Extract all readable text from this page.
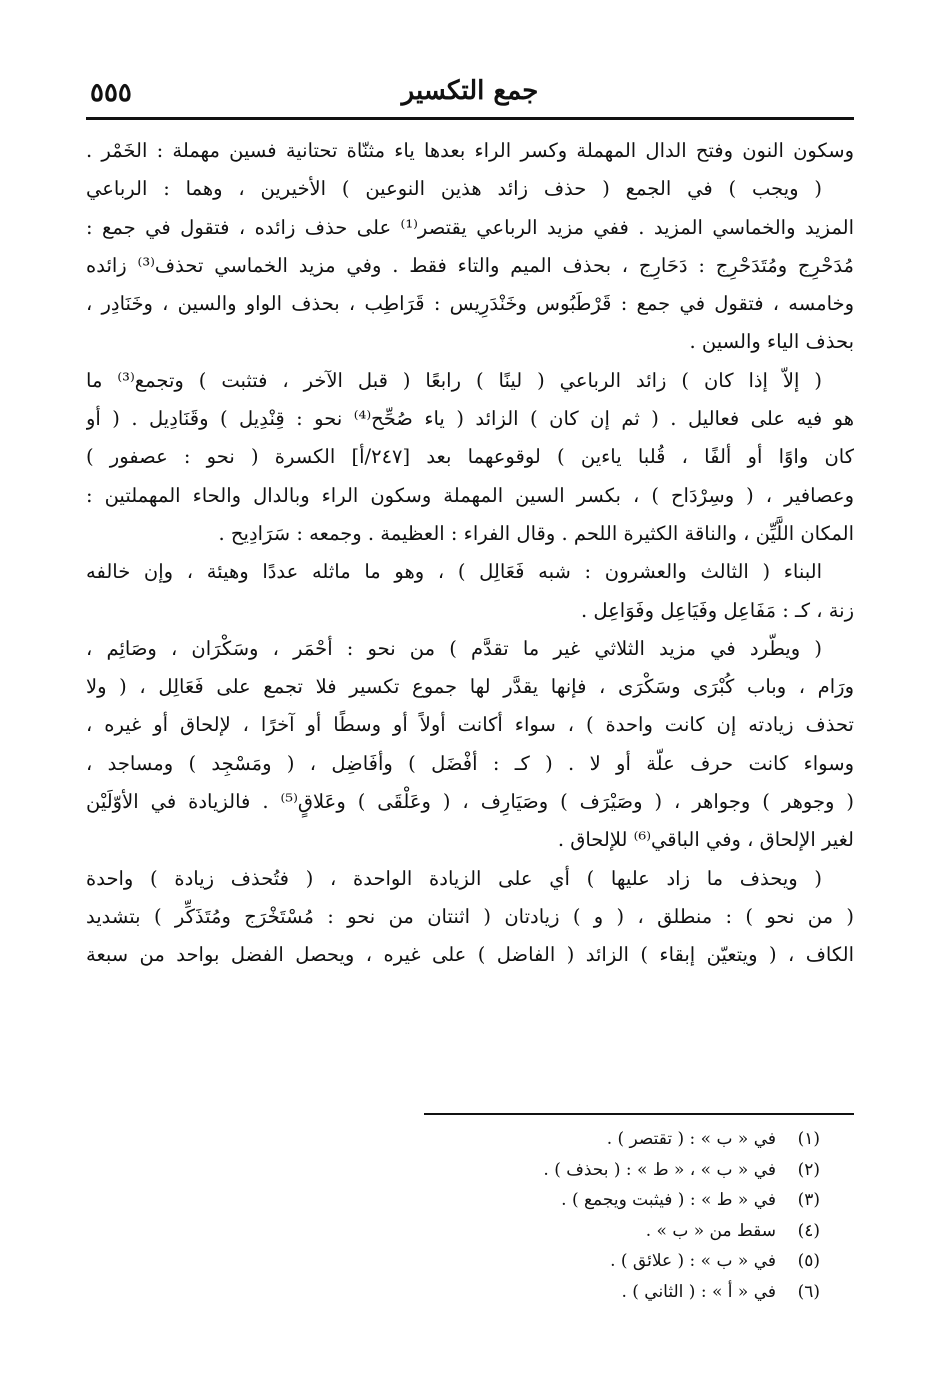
٥٥٥	جمع التكسير
وسكون النون وفتح الدال المهملة وكسر الراء بعدها ياء مثنّاة تحتانية فسين مهملة : الخَمْر .
( ويجب ) في الجمع ( حذف زائد هذين النوعين ) الأخيرين ، وهما : الرباعي
المزيد والخماسي المزيد . ففي مزيد الرباعي يقتصر⁽¹⁾ على حذف زائده ، فتقول في جمع :
مُدَحْرِج ومُتَدَحْرِج : دَحَارِج ، بحذف الميم والتاء فقط . وفي مزيد الخماسي تحذف⁽³⁾ زائده
وخامسه ، فتقول في جمع : قَرْطَبُوس وخَنْدَرِيس : قَرَاطِب ، بحذف الواو والسين ، وخَنَادِر ،
بحذف الياء والسين .
( إلاّ إذا كان ) زائد الرباعي ( لينًا ) رابعًا ( قبل الآخر ، فتثبت ) وتجمع⁽³⁾ ما
هو فيه على فعاليل . ( ثم إن كان ) الزائد ( ياء صُحِّح⁽⁴⁾ نحو : قِنْدِيل ) وقَنَادِيل . ( أو
كان واوًا أو ألفًا ، قُلبا ياءين ) لوقوعهما بعد [٢٤٧/أ] الكسرة ( نحو : عصفور )
وعصافير ، ( وسِرْدَاح ) ، بكسر السين المهملة وسكون الراء وبالدال والحاء المهملتين :
المكان اللَّيِّن ، والناقة الكثيرة اللحم . وقال الفراء : العظيمة . وجمعه : سَرَادِيح .
البناء ( الثالث والعشرون : شبه فَعَالِل ) ، وهو ما ماثله عددًا وهيئة ، وإن خالفه
زنة ، كـ : مَفَاعِل وفَيَاعِل وفَوَاعِل .
( ويطّرد في مزيد الثلاثي غير ما تقدَّم ) من نحو : أحْمَر ، وسَكْرَان ، وصَائِم ،
ورَام ، وباب كُبْرَى وسَكْرَى ، فإنها يقدَّر لها جموع تكسير فلا تجمع على فَعَالِل ، ( ولا
تحذف زيادته إن كانت واحدة ) ، سواء أكانت أولاً أو وسطًا أو آخرًا ، لإلحاق أو غيره ،
وسواء كانت حرف علّة أو لا . ( كـ : أفْضَل ) وأفَاضِل ، ( ومَسْجِد ) ومساجد ،
( وجوهر ) وجواهر ، ( وصَيْرَف ) وصَيَارِف ، ( وعَلْقَى ) وعَلاقٍ⁽⁵⁾ . فالزيادة في الأوّلَيْن
لغير الإلحاق ، وفي الباقي⁽⁶⁾ للإلحاق .
( ويحذف ما زاد عليها ) أي على الزيادة الواحدة ، ( فتُحذف زيادة ) واحدة
( من نحو ) : منطلق ، ( و ) زيادتان ( اثنتان من نحو : مُسْتَخْرَج ومُتَذَكِّر ) بتشديد
الكاف ، ( ويتعيّن إبقاء ) الزائد ( الفاضل ) على غيره ، ويحصل الفضل بواحد من سبعة
(١)في « ب » : ( تقتصر ) .
(٢)في « ب » ، « ط » : ( بحذف ) .
(٣)في « ط » : ( فيثبت ويجمع ) .
(٤)سقط من « ب » .
(٥)في « ب » : ( علائق ) .
(٦)في « أ » : ( الثاني ) .
